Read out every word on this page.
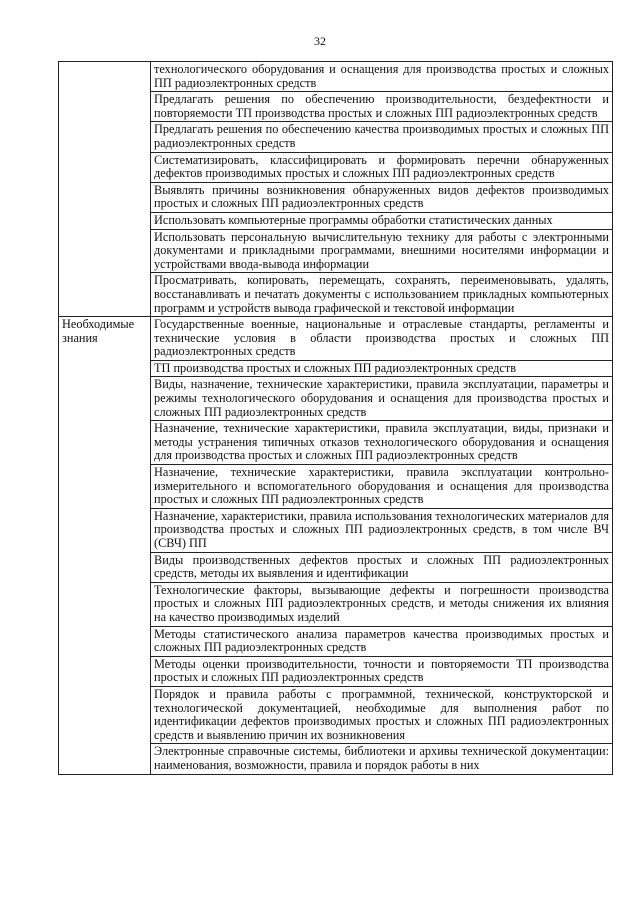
32
	технологического оборудования и оснащения для производства простых и сложных ПП радиоэлектронных средств
	Предлагать решения по обеспечению производительности, бездефектности и повторяемости ТП производства простых и сложных ПП радиоэлектронных средств
	Предлагать решения по обеспечению качества производимых простых и сложных ПП радиоэлектронных средств
	Систематизировать, классифицировать и формировать перечни обнаруженных дефектов производимых простых и сложных ПП радиоэлектронных средств
	Выявлять причины возникновения обнаруженных видов дефектов производимых простых и сложных ПП радиоэлектронных средств
	Использовать компьютерные программы обработки статистических данных
	Использовать персональную вычислительную технику для работы с электронными документами и прикладными программами, внешними носителями информации и устройствами ввода-вывода информации
	Просматривать, копировать, перемещать, сохранять, переименовывать, удалять, восстанавливать и печатать документы с использованием прикладных компьютерных программ и устройств вывода графической и текстовой информации
Необходимые знания	Государственные военные, национальные и отраслевые стандарты, регламенты и технические условия в области производства простых и сложных ПП радиоэлектронных средств
	ТП производства простых и сложных ПП радиоэлектронных средств
	Виды, назначение, технические характеристики, правила эксплуатации, параметры и режимы технологического оборудования и оснащения для производства простых и сложных ПП радиоэлектронных средств
	Назначение, технические характеристики, правила эксплуатации, виды, признаки и методы устранения типичных отказов технологического оборудования и оснащения для производства простых и сложных ПП радиоэлектронных средств
	Назначение, технические характеристики, правила эксплуатации контрольно-измерительного и вспомогательного оборудования и оснащения для производства простых и сложных ПП радиоэлектронных средств
	Назначение, характеристики, правила использования технологических материалов для производства простых и сложных ПП радиоэлектронных средств, в том числе ВЧ (СВЧ) ПП
	Виды производственных дефектов простых и сложных ПП радиоэлектронных средств, методы их выявления и идентификации
	Технологические факторы, вызывающие дефекты и погрешности производства простых и сложных ПП радиоэлектронных средств, и методы снижения их влияния на качество производимых изделий
	Методы статистического анализа параметров качества производимых простых и сложных ПП радиоэлектронных средств
	Методы оценки производительности, точности и повторяемости ТП производства простых и сложных ПП радиоэлектронных средств
	Порядок и правила работы с программной, технической, конструкторской и технологической документацией, необходимые для выполнения работ по идентификации дефектов производимых простых и сложных ПП радиоэлектронных средств и выявлению причин их возникновения
	Электронные справочные системы, библиотеки и архивы технической документации: наименования, возможности, правила и порядок работы в них
